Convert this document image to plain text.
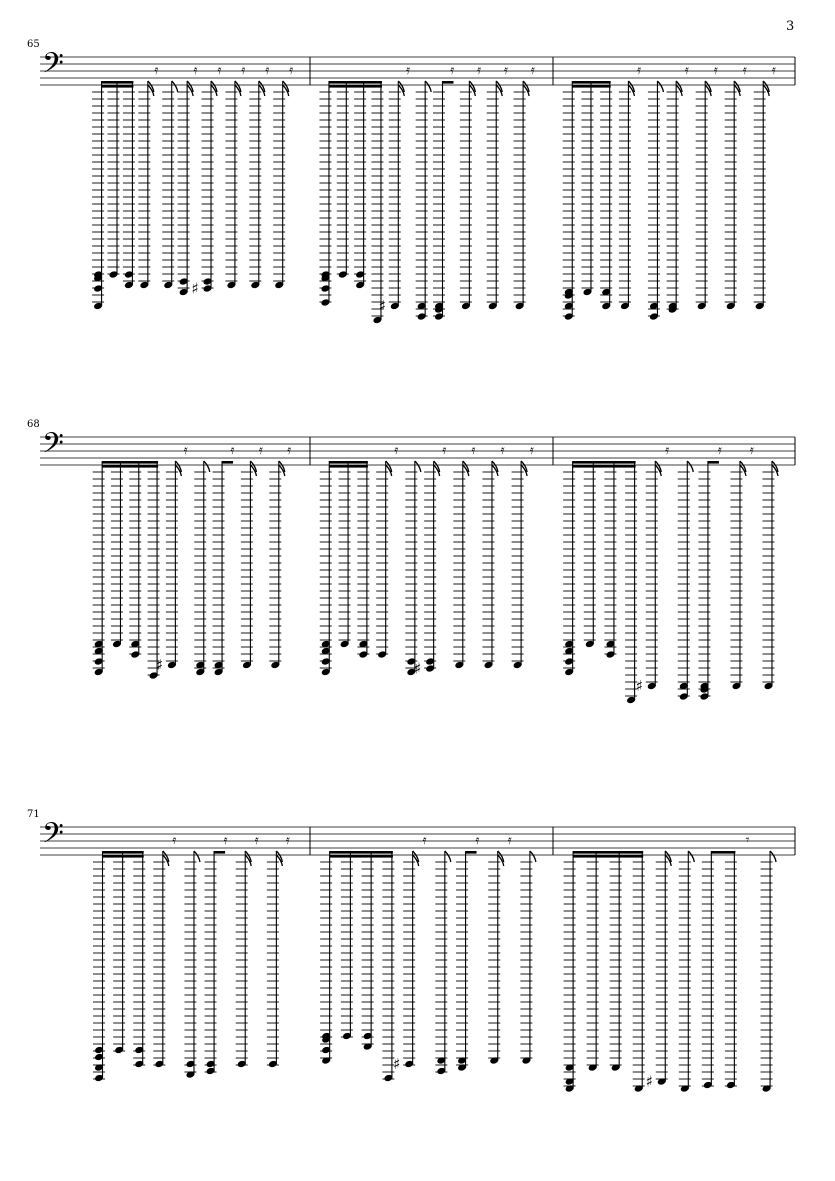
3
𝄢
65
𝄿	𝄿
♯
𝄿 𝄿 𝄿 𝄿
♯
𝄿	𝄿 𝄿 𝄿 𝄿	𝄿	𝄿 𝄿 𝄿 𝄿
𝄢
68
♯
𝄿	𝄿 𝄿 𝄿	𝄿
♯
𝄿 𝄿 𝄿 𝄿
♯
𝄿	𝄿 𝄿
𝄢
71
𝄿	𝄿 𝄿 𝄿
♯
𝄿	𝄿 𝄿
♯
𝄾
